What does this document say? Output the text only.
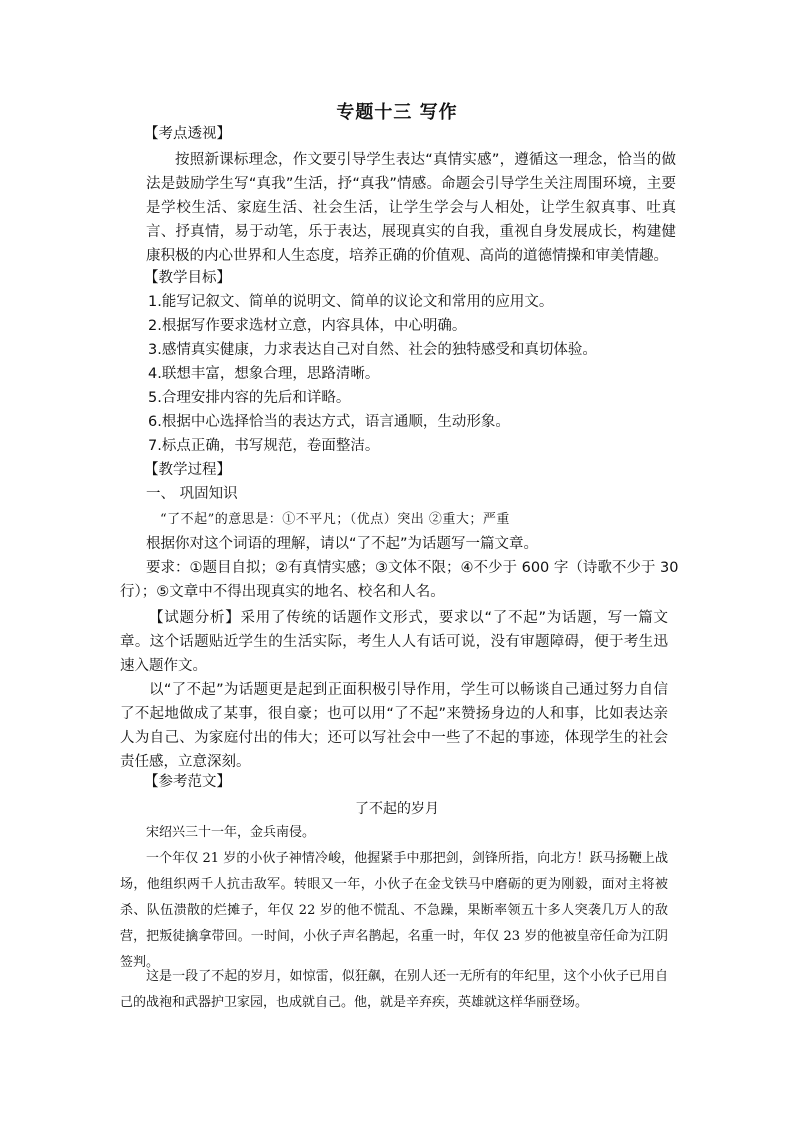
专题十三 写作
【考点透视】
按照新课标理念，作文要引导学生表达“真情实感”，遵循这一理念，恰当的做法是鼓励学生写“真我”生活，抒“真我”情感。命题会引导学生关注周围环境，主要是学校生活、家庭生活、社会生活，让学生学会与人相处，让学生叙真事、吐真言、抒真情，易于动笔，乐于表达，展现真实的自我，重视自身发展成长，构建健康积极的内心世界和人生态度，培养正确的价值观、高尚的道德情操和审美情趣。
【教学目标】
1.能写记叙文、简单的说明文、简单的议论文和常用的应用文。
2.根据写作要求选材立意，内容具体，中心明确。
3.感情真实健康，力求表达自己对自然、社会的独特感受和真切体验。
4.联想丰富，想象合理，思路清晰。
5.合理安排内容的先后和详略。
6.根据中心选择恰当的表达方式，语言通顺，生动形象。
7.标点正确，书写规范，卷面整洁。
【教学过程】
一、 巩固知识
“了不起”的意思是：①不平凡；（优点）突出 ②重大；严重
根据你对这个词语的理解，请以“了不起”为话题写一篇文章。
要求：①题目自拟；②有真情实感；③文体不限；④不少于 600 字（诗歌不少于 30
行）；⑤文章中不得出现真实的地名、校名和人名。
【试题分析】采用了传统的话题作文形式，要求以“了不起”为话题，写一篇文章。这个话题贴近学生的生活实际，考生人人有话可说，没有审题障碍，便于考生迅速入题作文。
以“了不起”为话题更是起到正面积极引导作用，学生可以畅谈自己通过努力自信了不起地做成了某事，很自豪；也可以用“了不起”来赞扬身边的人和事，比如表达亲人为自己、为家庭付出的伟大；还可以写社会中一些了不起的事迹，体现学生的社会责任感，立意深刻。
【参考范文】
了不起的岁月
宋绍兴三十一年，金兵南侵。
一个年仅 21 岁的小伙子神情冷峻，他握紧手中那把剑，剑锋所指，向北方！跃马扬鞭上战场，他组织两千人抗击敌军。转眼又一年，小伙子在金戈铁马中磨砺的更为刚毅，面对主将被杀、队伍溃散的烂摊子，年仅 22 岁的他不慌乱、不急躁，果断率领五十多人突袭几万人的敌营，把叛徒擒拿带回。一时间，小伙子声名鹊起，名重一时，年仅 23 岁的他被皇帝任命为江阴签判。
这是一段了不起的岁月，如惊雷，似狂飙，在别人还一无所有的年纪里，这个小伙子已用自己的战袍和武器护卫家园，也成就自己。他，就是辛弃疾，英雄就这样华丽登场。
